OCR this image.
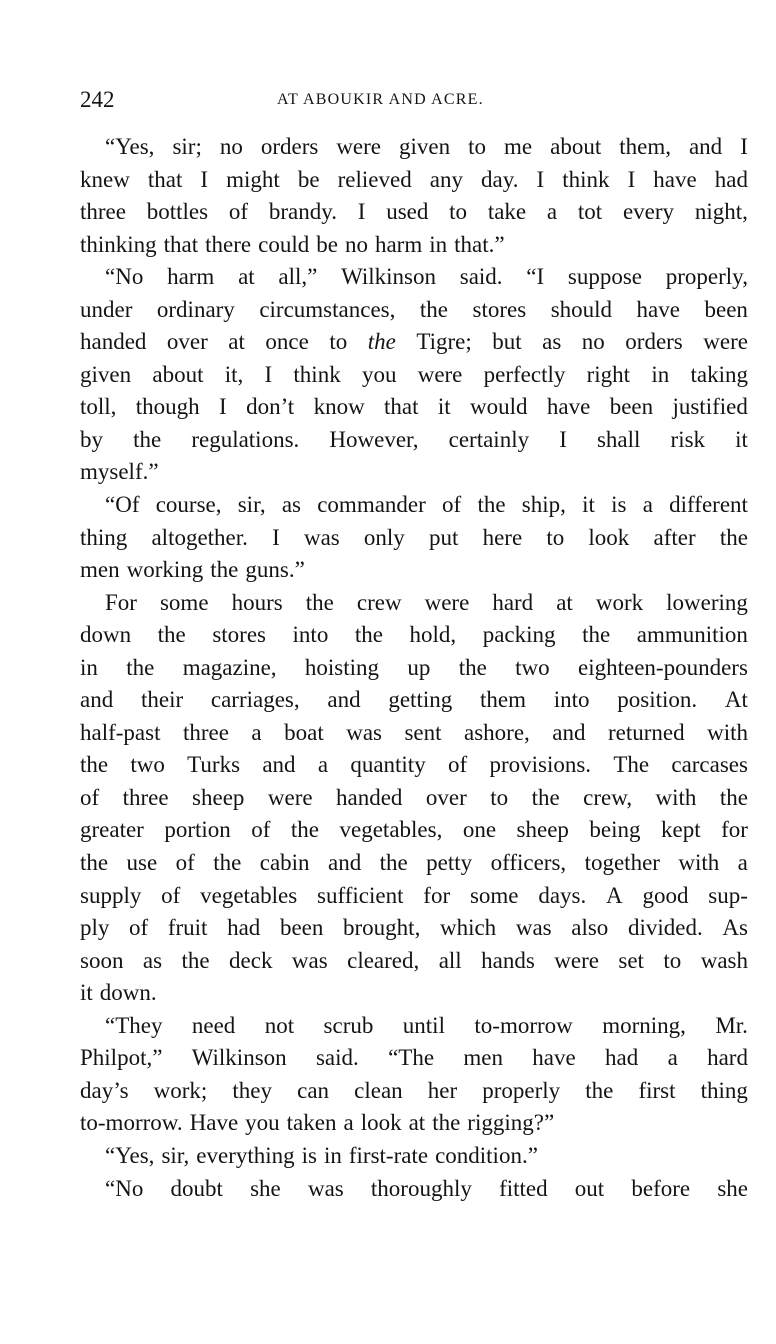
242	AT ABOUKIR AND ACRE.
“Yes, sir; no orders were given to me about them, and I
knew that I might be relieved any day. I think I have had
three bottles of brandy. I used to take a tot every night,
thinking that there could be no harm in that.”
“No harm at all,” Wilkinson said. “I suppose properly,
under ordinary circumstances, the stores should have been
handed over at once to the Tigre; but as no orders were
given about it, I think you were perfectly right in taking
toll, though I don’t know that it would have been justified
by the regulations. However, certainly I shall risk it
myself.”
“Of course, sir, as commander of the ship, it is a different
thing altogether. I was only put here to look after the
men working the guns.”
For some hours the crew were hard at work lowering
down the stores into the hold, packing the ammunition
in the magazine, hoisting up the two eighteen-pounders
and their carriages, and getting them into position. At
half-past three a boat was sent ashore, and returned with
the two Turks and a quantity of provisions. The carcases
of three sheep were handed over to the crew, with the
greater portion of the vegetables, one sheep being kept for
the use of the cabin and the petty officers, together with a
supply of vegetables sufficient for some days. A good sup-
ply of fruit had been brought, which was also divided. As
soon as the deck was cleared, all hands were set to wash
it down.
“They need not scrub until to-morrow morning, Mr.
Philpot,” Wilkinson said. “The men have had a hard
day’s work; they can clean her properly the first thing
to-morrow. Have you taken a look at the rigging?”
“Yes, sir, everything is in first-rate condition.”
“No doubt she was thoroughly fitted out before she
